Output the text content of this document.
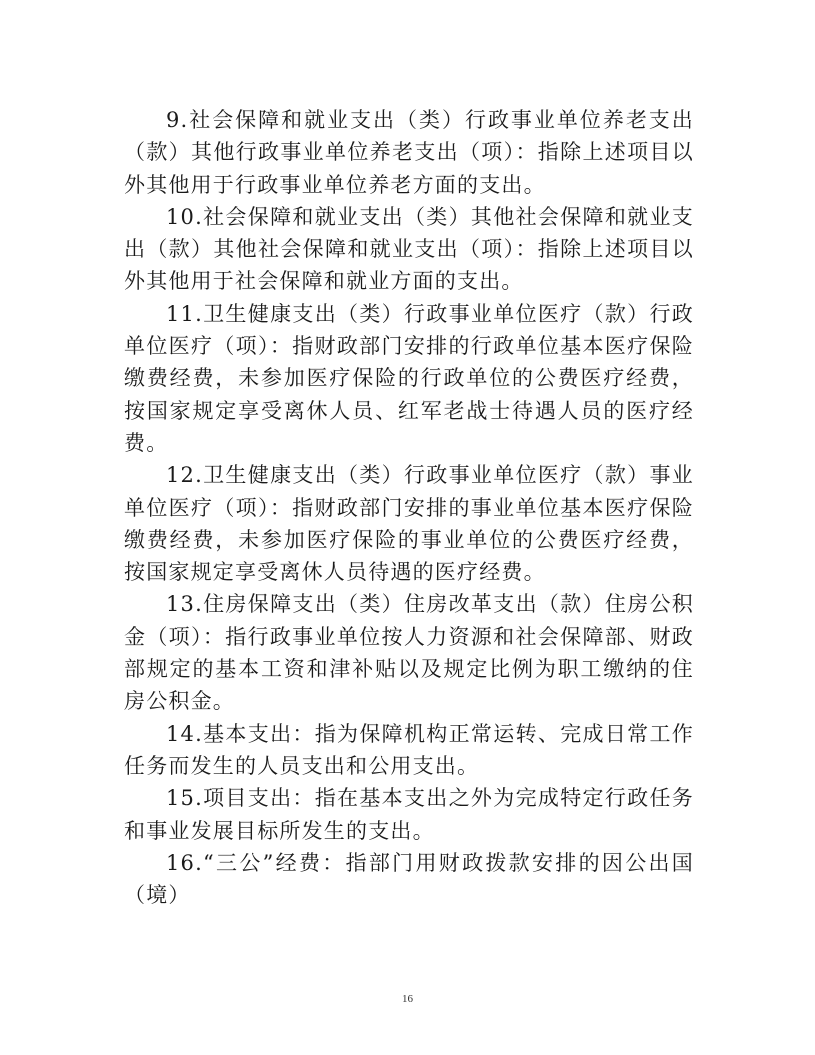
9.社会保障和就业支出（类）行政事业单位养老支出（款）其他行政事业单位养老支出（项）：指除上述项目以外其他用于行政事业单位养老方面的支出。

10.社会保障和就业支出（类）其他社会保障和就业支出（款）其他社会保障和就业支出（项）：指除上述项目以外其他用于社会保障和就业方面的支出。

11.卫生健康支出（类）行政事业单位医疗（款）行政单位医疗（项）：指财政部门安排的行政单位基本医疗保险缴费经费，未参加医疗保险的行政单位的公费医疗经费，按国家规定享受离休人员、红军老战士待遇人员的医疗经费。

12.卫生健康支出（类）行政事业单位医疗（款）事业单位医疗（项）：指财政部门安排的事业单位基本医疗保险缴费经费，未参加医疗保险的事业单位的公费医疗经费，按国家规定享受离休人员待遇的医疗经费。

13.住房保障支出（类）住房改革支出（款）住房公积金（项）：指行政事业单位按人力资源和社会保障部、财政部规定的基本工资和津补贴以及规定比例为职工缴纳的住房公积金。

14.基本支出：指为保障机构正常运转、完成日常工作任务而发生的人员支出和公用支出。

15.项目支出：指在基本支出之外为完成特定行政任务和事业发展目标所发生的支出。

16.“三公”经费：指部门用财政拨款安排的因公出国（境）

16
